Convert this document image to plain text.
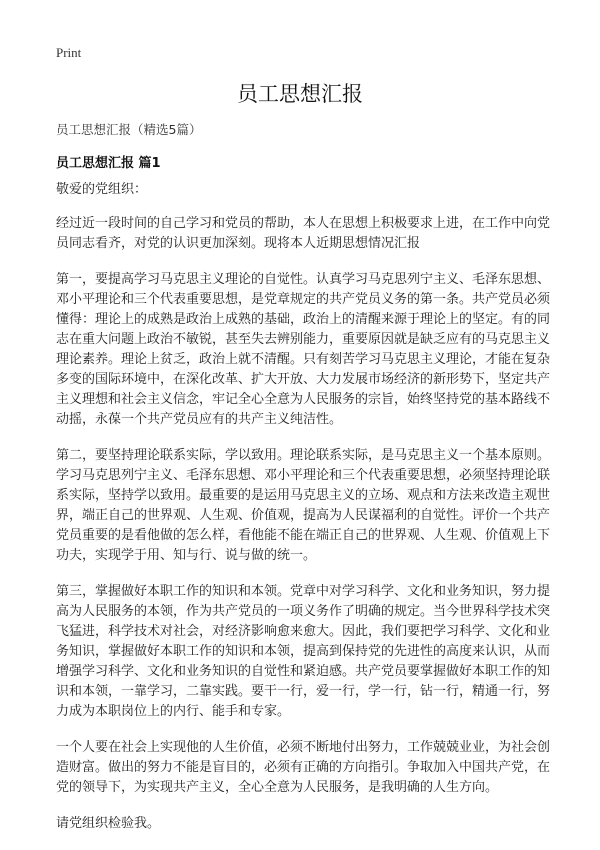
Print
员工思想汇报
员工思想汇报（精选5篇）
员工思想汇报 篇1

敬爱的党组织：

经过近一段时间的自己学习和党员的帮助，本人在思想上积极要求上进，在工作中向党员同志看齐，对党的认识更加深刻。现将本人近期思想情况汇报

第一，要提高学习马克思主义理论的自觉性。认真学习马克思列宁主义、毛泽东思想、邓小平理论和三个代表重要思想，是党章规定的共产党员义务的第一条。共产党员必须懂得：理论上的成熟是政治上成熟的基础，政治上的清醒来源于理论上的坚定。有的同志在重大问题上政治不敏锐，甚至失去辨别能力，重要原因就是缺乏应有的马克思主义理论素养。理论上贫乏，政治上就不清醒。只有刻苦学习马克思主义理论，才能在复杂多变的国际环境中，在深化改革、扩大开放、大力发展市场经济的新形势下，坚定共产主义理想和社会主义信念，牢记全心全意为人民服务的宗旨，始终坚持党的基本路线不动摇，永葆一个共产党员应有的共产主义纯洁性。

第二，要坚持理论联系实际，学以致用。理论联系实际，是马克思主义一个基本原则。学习马克思列宁主义、毛泽东思想、邓小平理论和三个代表重要思想，必须坚持理论联系实际，坚持学以致用。最重要的是运用马克思主义的立场、观点和方法来改造主观世界，端正自己的世界观、人生观、价值观，提高为人民谋福利的自觉性。评价一个共产党员重要的是看他做的怎么样，看他能不能在端正自己的世界观、人生观、价值观上下功夫，实现学于用、知与行、说与做的统一。

第三，掌握做好本职工作的知识和本领。党章中对学习科学、文化和业务知识，努力提高为人民服务的本领，作为共产党员的一项义务作了明确的规定。当今世界科学技术突飞猛进，科学技术对社会，对经济影响愈来愈大。因此，我们要把学习科学、文化和业务知识，掌握做好本职工作的知识和本领，提高到保持党的先进性的高度来认识，从而增强学习科学、文化和业务知识的自觉性和紧迫感。共产党员要掌握做好本职工作的知识和本领，一靠学习，二靠实践。要干一行，爱一行，学一行，钻一行，精通一行，努力成为本职岗位上的内行、能手和专家。

一个人要在社会上实现他的人生价值，必须不断地付出努力，工作兢兢业业，为社会创造财富。做出的努力不能是盲目的，必须有正确的方向指引。争取加入中国共产党，在党的领导下，为实现共产主义，全心全意为人民服务，是我明确的人生方向。

请党组织检验我。
